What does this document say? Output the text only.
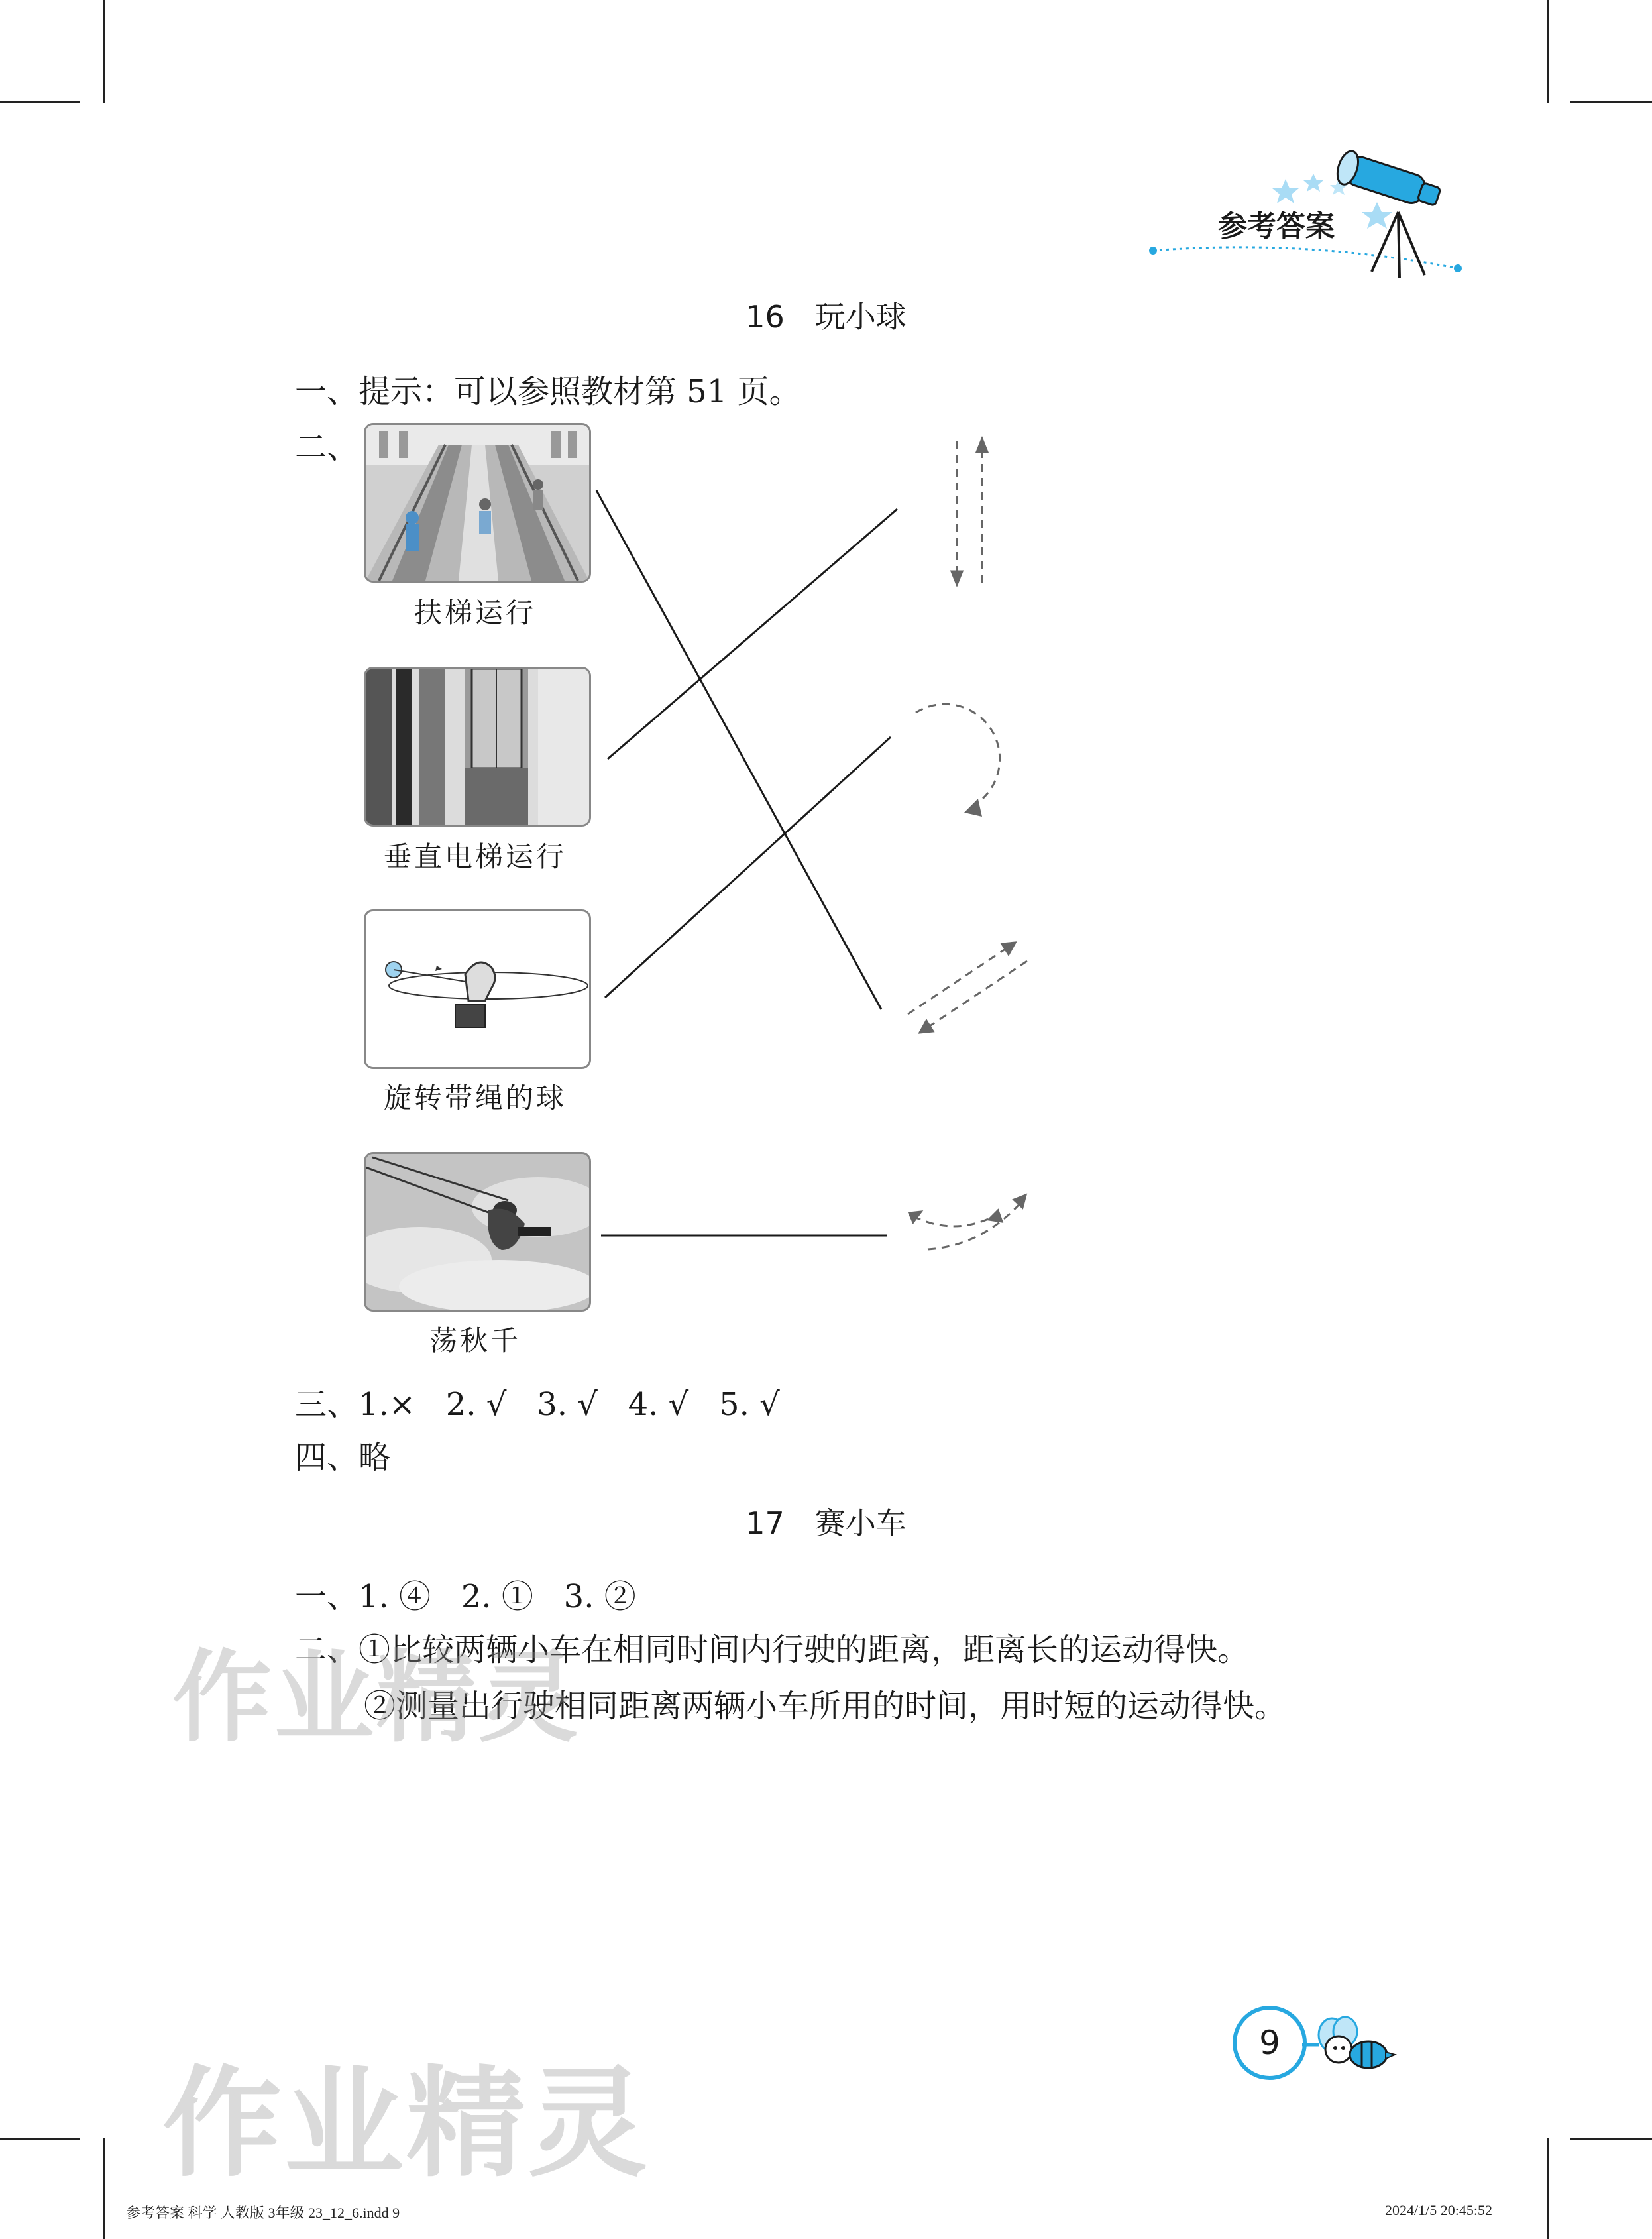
参考答案
16　玩小球
一、提示：可以参照教材第 51 页。
二、
扶梯运行
垂直电梯运行
旋转带绳的球
荡秋千
三、1.×   2. √   3. √   4. √   5. √
四、略
17　赛小车
一、1. ④   2. ①   3. ②
二、①比较两辆小车在相同时间内行驶的距离，距离长的运动得快。
②测量出行驶相同距离两辆小车所用的时间，用时短的运动得快。
作业精灵
作业精灵
9
参考答案 科学 人教版 3年级 23_12_6.indd 9	2024/1/5 20:45:52
